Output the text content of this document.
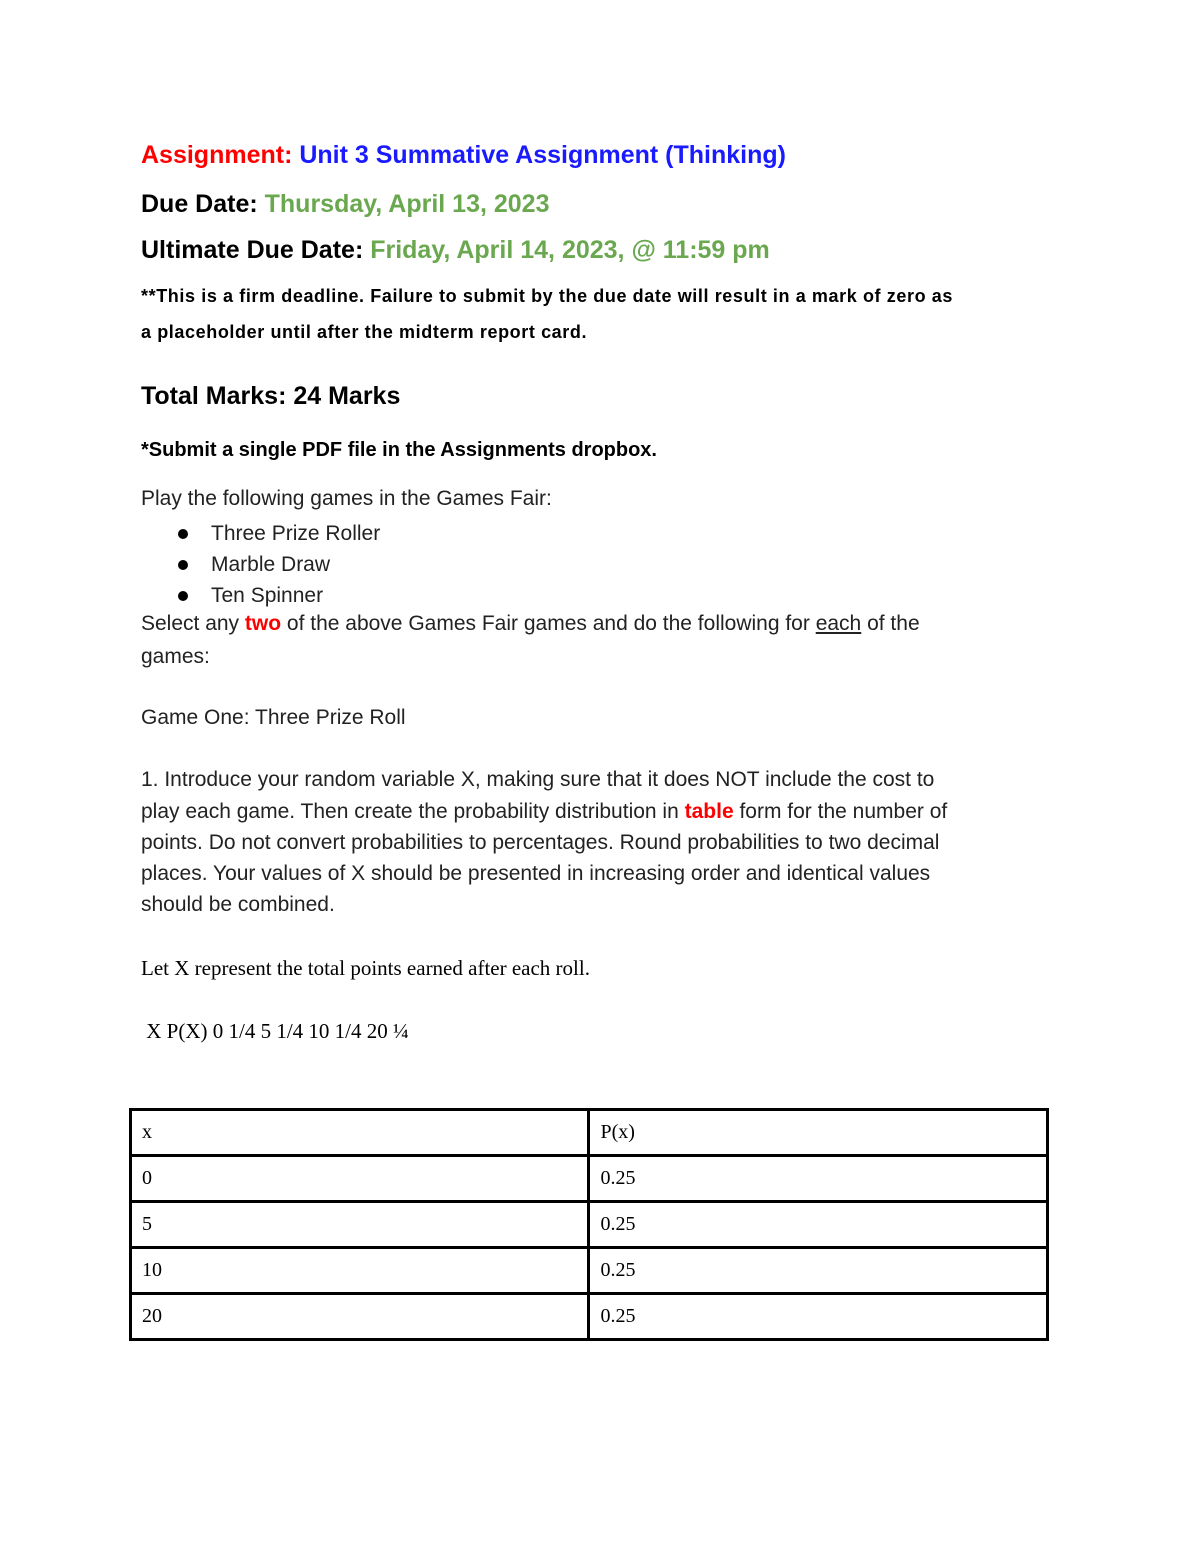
Assignment: Unit 3 Summative Assignment (Thinking)
Due Date: Thursday, April 13, 2023
Ultimate Due Date: Friday, April 14, 2023, @ 11:59 pm
**This is a firm deadline. Failure to submit by the due date will result in a mark of zero as
a placeholder until after the midterm report card.
Total Marks: 24 Marks
*Submit a single PDF file in the Assignments dropbox.
Play the following games in the Games Fair:
Three Prize Roller
Marble Draw
Ten Spinner
Select any two of the above Games Fair games and do the following for each of the
games:
Game One: Three Prize Roll
1. Introduce your random variable X, making sure that it does NOT include the cost to
play each game. Then create the probability distribution in table form for the number of
points. Do not convert probabilities to percentages. Round probabilities to two decimal
places. Your values of X should be presented in increasing order and identical values
should be combined.
Let X represent the total points earned after each roll.
X P(X) 0 1/4 5 1/4 10 1/4 20 ¼
x	P(x)
0	0.25
5	0.25
10	0.25
20	0.25
